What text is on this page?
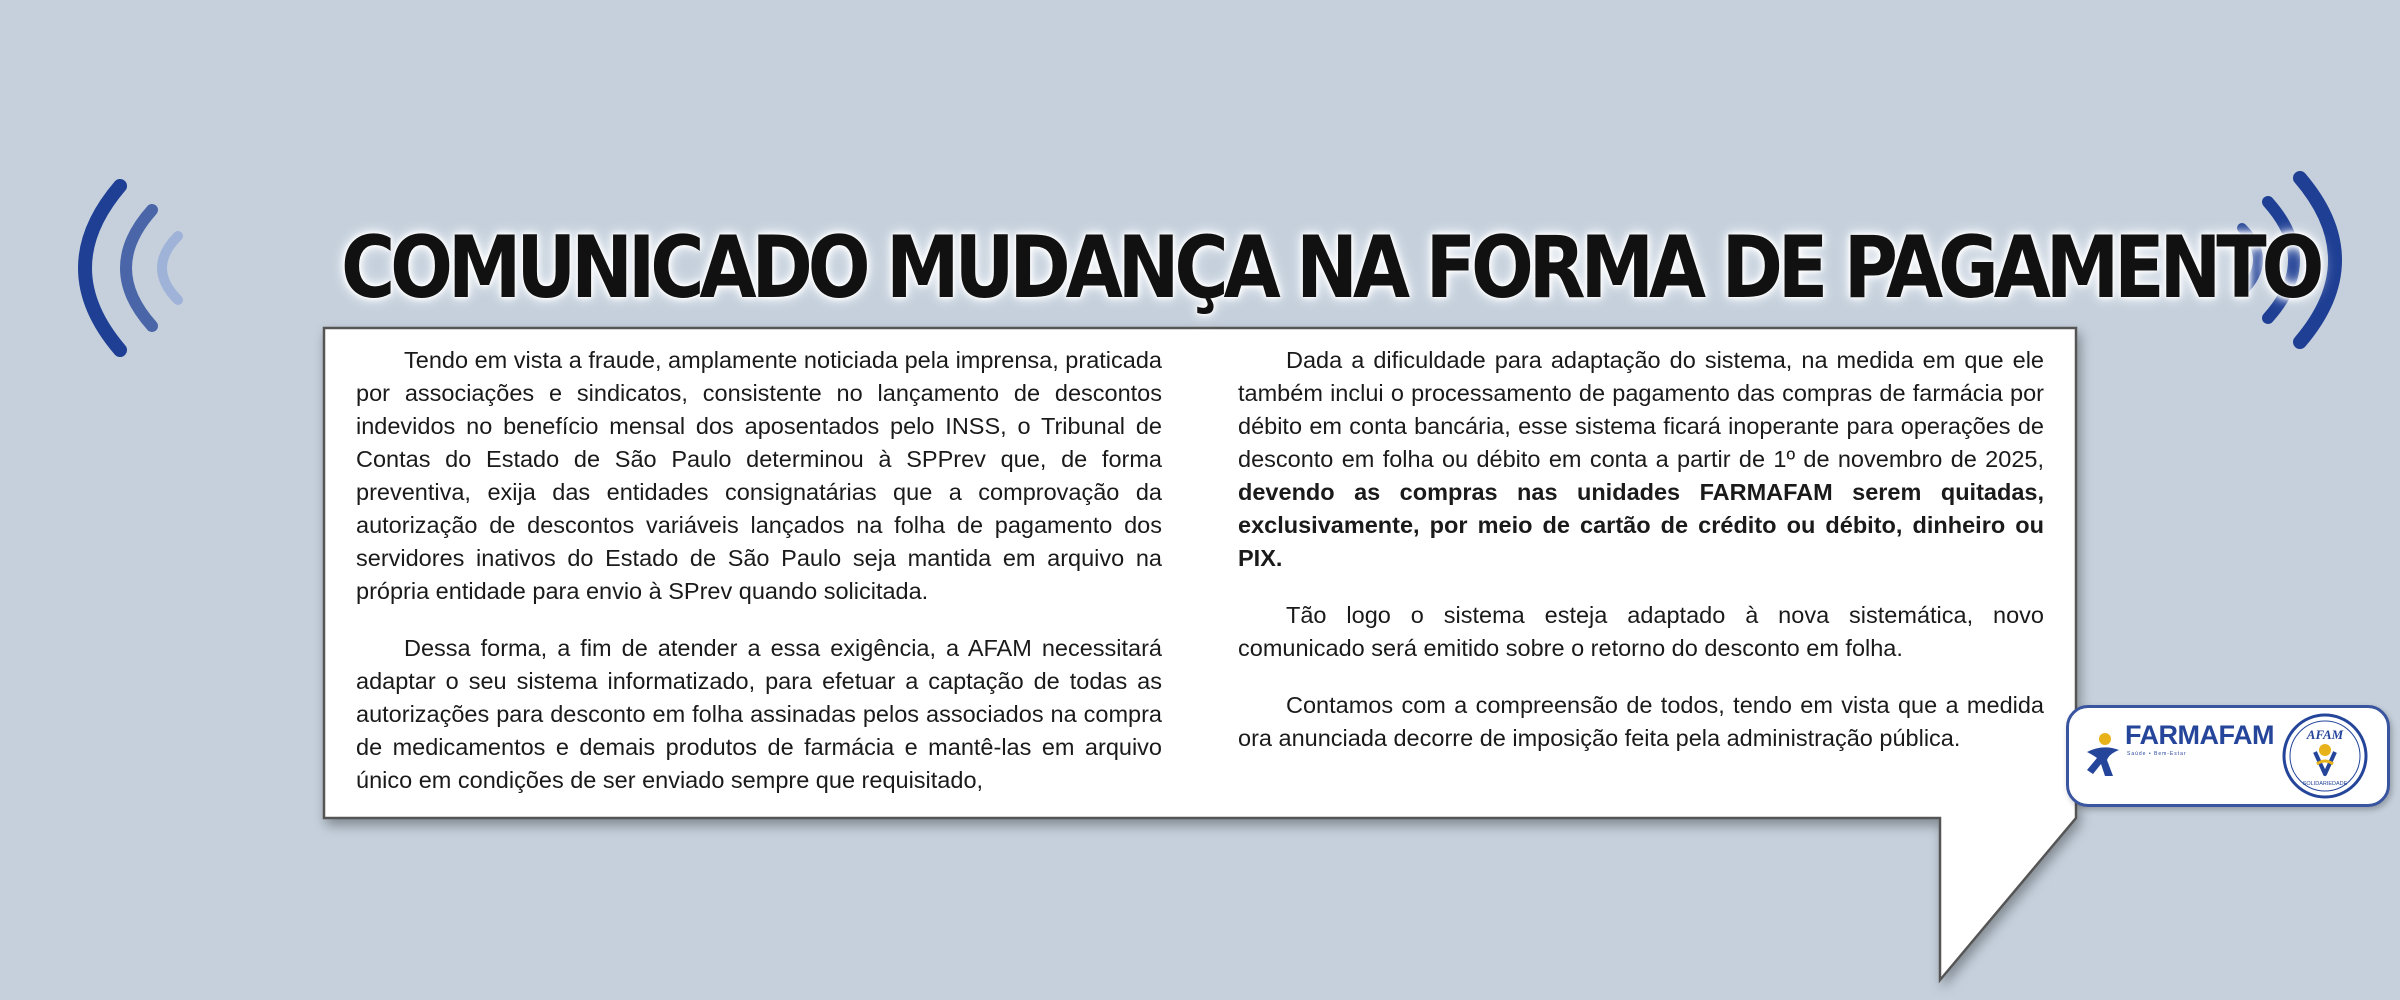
COMUNICADO MUDANÇA NA FORMA DE PAGAMENTO

Tendo em vista a fraude, amplamente noticiada pela imprensa, praticada por associações e sindicatos, consistente no lançamento de descontos indevidos no benefício mensal dos aposentados pelo INSS, o Tribunal de Contas do Estado de São Paulo determinou à SPPrev que, de forma preventiva, exija das entidades consignatárias que a comprovação da autorização de descontos variáveis lançados na folha de pagamento dos servidores inativos do Estado de São Paulo seja mantida em arquivo na própria entidade para envio à SPrev quando solicitada.

Dessa forma, a fim de atender a essa exigência, a AFAM necessitará adaptar o seu sistema informatizado, para efetuar a captação de todas as autorizações para desconto em folha assinadas pelos associados na compra de medicamentos e demais produtos de farmácia e mantê-las em arquivo único em condições de ser enviado sempre que requisitado,

Dada a dificuldade para adaptação do sistema, na medida em que ele também inclui o processamento de pagamento das compras de farmácia por débito em conta bancária, esse sistema ficará inoperante para operações de desconto em folha ou débito em conta a partir de 1º de novembro de 2025, devendo as compras nas unidades FARMAFAM serem quitadas, exclusivamente, por meio de cartão de crédito ou débito, dinheiro ou PIX.

Tão logo o sistema esteja adaptado à nova sistemática, novo comunicado será emitido sobre o retorno do desconto em folha.

Contamos com a compreensão de todos, tendo em vista que a medida ora anunciada decorre de imposição feita pela administração pública.	FARMAFAM
Saúde • Bem-Estar
AFAM
SOLIDARIEDADE
